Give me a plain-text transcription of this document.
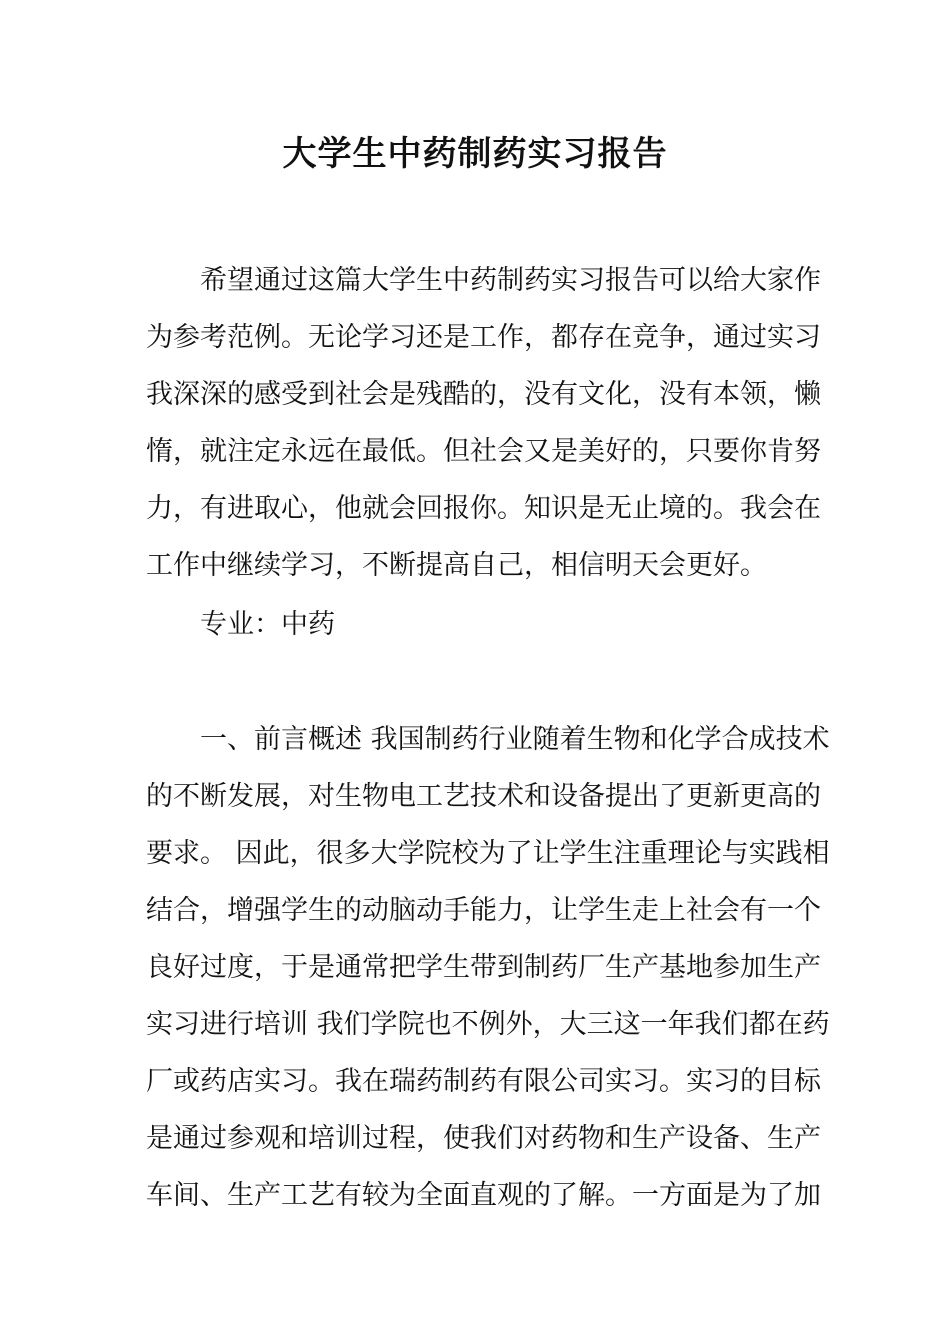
大学生中药制药实习报告
希望通过这篇大学生中药制药实习报告可以给大家作
为参考范例。无论学习还是工作，都存在竞争，通过实习
我深深的感受到社会是残酷的，没有文化，没有本领，懒
惰，就注定永远在最低。但社会又是美好的，只要你肯努
力，有进取心，他就会回报你。知识是无止境的。我会在
工作中继续学习，不断提高自己，相信明天会更好。
专业：中药
一、前言概述 我国制药行业随着生物和化学合成技术
的不断发展，对生物电工艺技术和设备提出了更新更高的
要求。 因此，很多大学院校为了让学生注重理论与实践相
结合，增强学生的动脑动手能力，让学生走上社会有一个
良好过度，于是通常把学生带到制药厂生产基地参加生产
实习进行培训 我们学院也不例外，大三这一年我们都在药
厂或药店实习。我在瑞药制药有限公司实习。实习的目标
是通过参观和培训过程，使我们对药物和生产设备、生产
车间、生产工艺有较为全面直观的了解。一方面是为了加
